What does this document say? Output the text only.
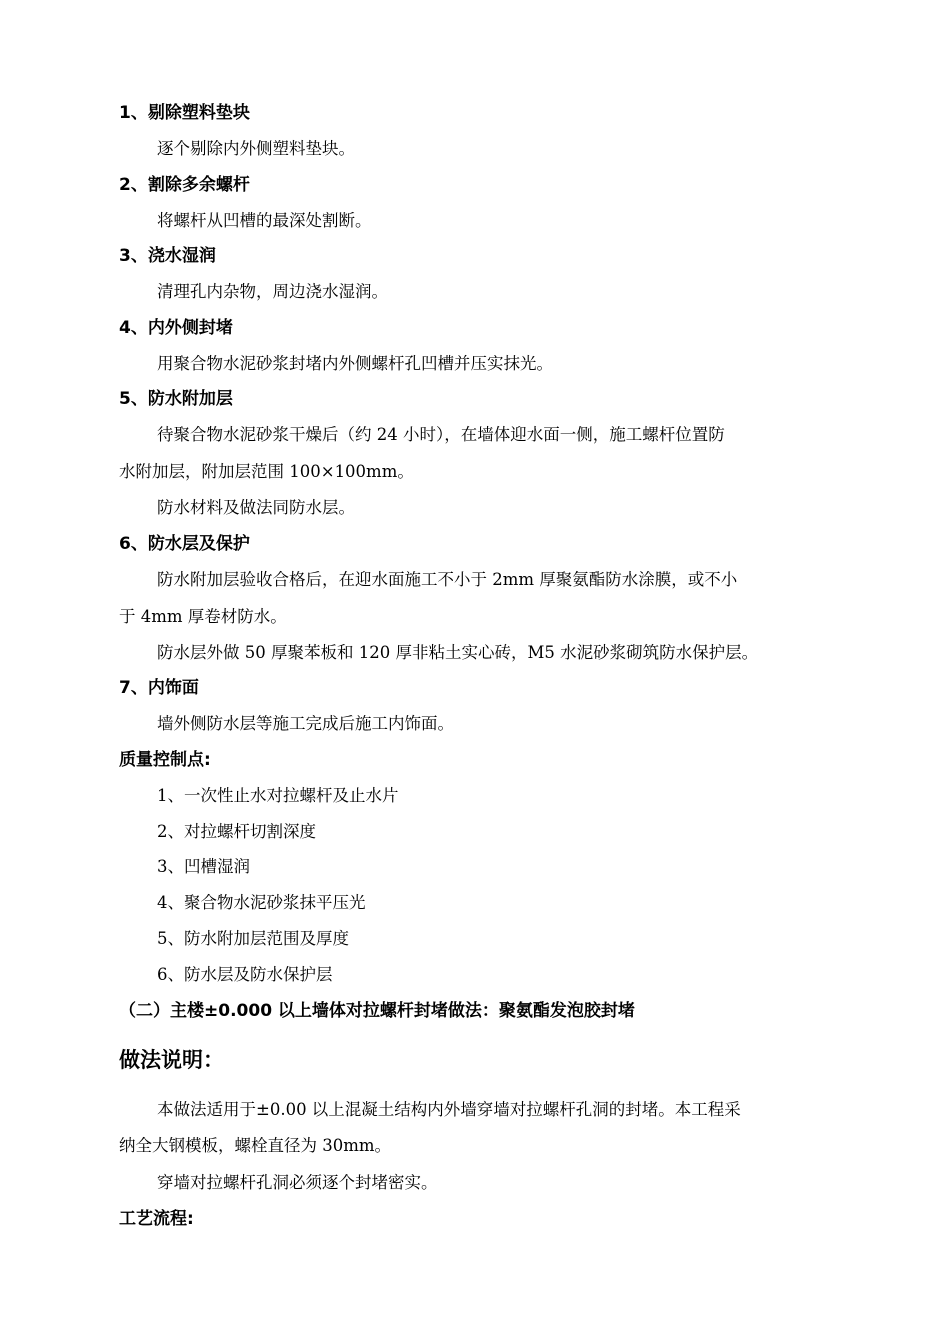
1、剔除塑料垫块
逐个剔除内外侧塑料垫块。
2、割除多余螺杆
将螺杆从凹槽的最深处割断。
3、浇水湿润
清理孔内杂物，周边浇水湿润。
4、内外侧封堵
用聚合物水泥砂浆封堵内外侧螺杆孔凹槽并压实抹光。
5、防水附加层
待聚合物水泥砂浆干燥后（约 24 小时），在墙体迎水面一侧，施工螺杆位置防
水附加层，附加层范围 100×100mm。
防水材料及做法同防水层。
6、防水层及保护
防水附加层验收合格后，在迎水面施工不小于 2mm 厚聚氨酯防水涂膜，或不小
于 4mm 厚卷材防水。
防水层外做 50 厚聚苯板和 120 厚非粘土实心砖，M5 水泥砂浆砌筑防水保护层。
7、内饰面
墙外侧防水层等施工完成后施工内饰面。
质量控制点:
1、一次性止水对拉螺杆及止水片
2、对拉螺杆切割深度
3、凹槽湿润
4、聚合物水泥砂浆抹平压光
5、防水附加层范围及厚度
6、防水层及防水保护层
（二）主楼±0.000 以上墙体对拉螺杆封堵做法：聚氨酯发泡胶封堵
做法说明：
本做法适用于±0.00 以上混凝土结构内外墙穿墙对拉螺杆孔洞的封堵。本工程采
纳全大钢模板，螺栓直径为 30mm。
穿墙对拉螺杆孔洞必须逐个封堵密实。
工艺流程:
